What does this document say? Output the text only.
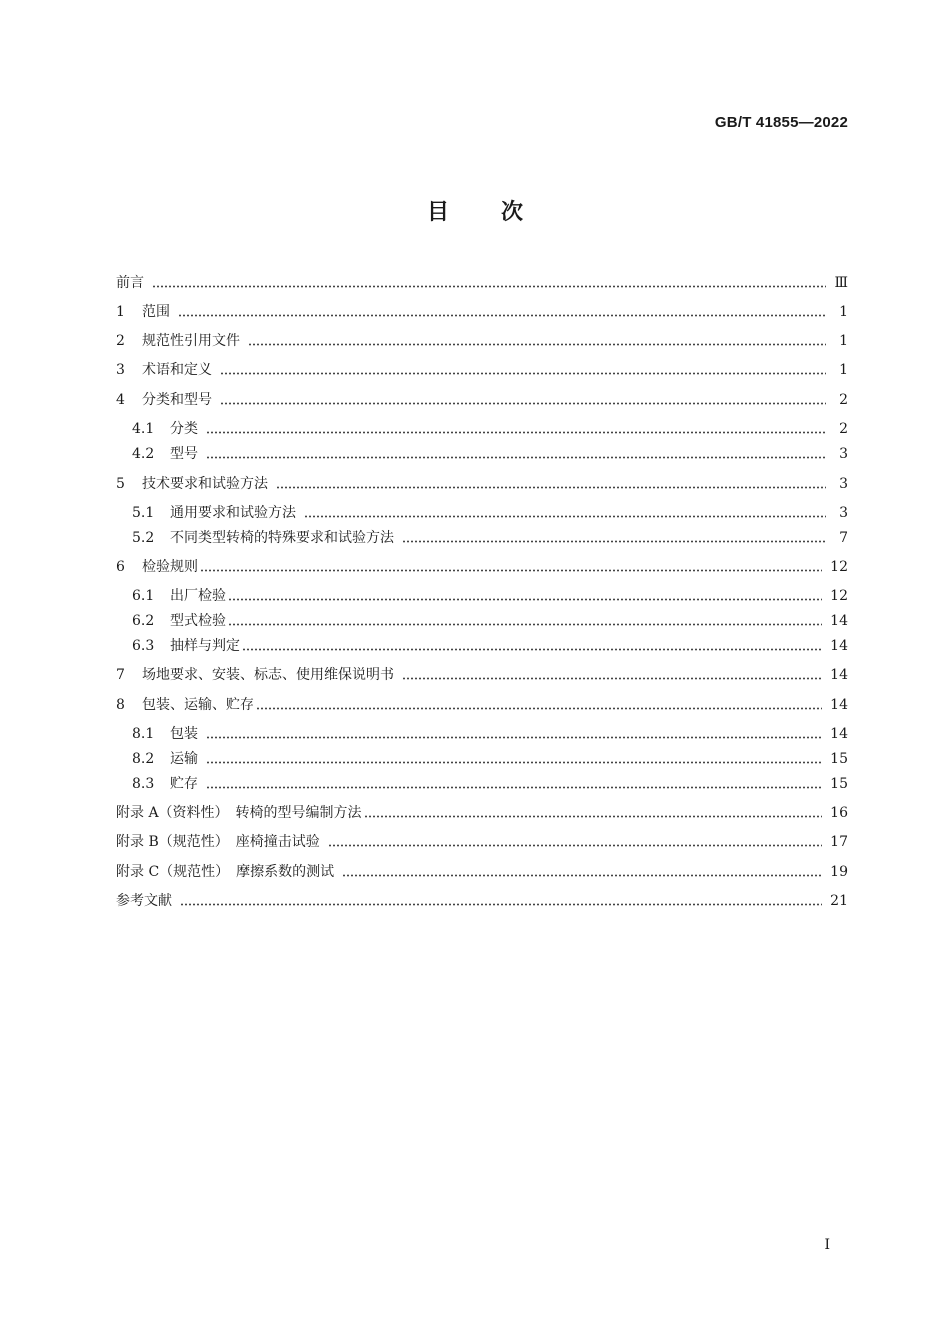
GB/T 41855—2022
目次
前言	Ⅲ
1	范围	1
2	规范性引用文件	1
3	术语和定义	1
4	分类和型号	2
4.1	分类	2
4.2	型号	3
5	技术要求和试验方法	3
5.1	通用要求和试验方法	3
5.2	不同类型转椅的特殊要求和试验方法	7
6	检验规则	12
6.1	出厂检验	12
6.2	型式检验	14
6.3	抽样与判定	14
7	场地要求、安装、标志、使用维保说明书	14
8	包装、运输、贮存	14
8.1	包装	14
8.2	运输	15
8.3	贮存	15
附录 A（资料性）　转椅的型号编制方法	16
附录 B（规范性）　座椅撞击试验	17
附录 C（规范性）　摩擦系数的测试	19
参考文献	21
I
